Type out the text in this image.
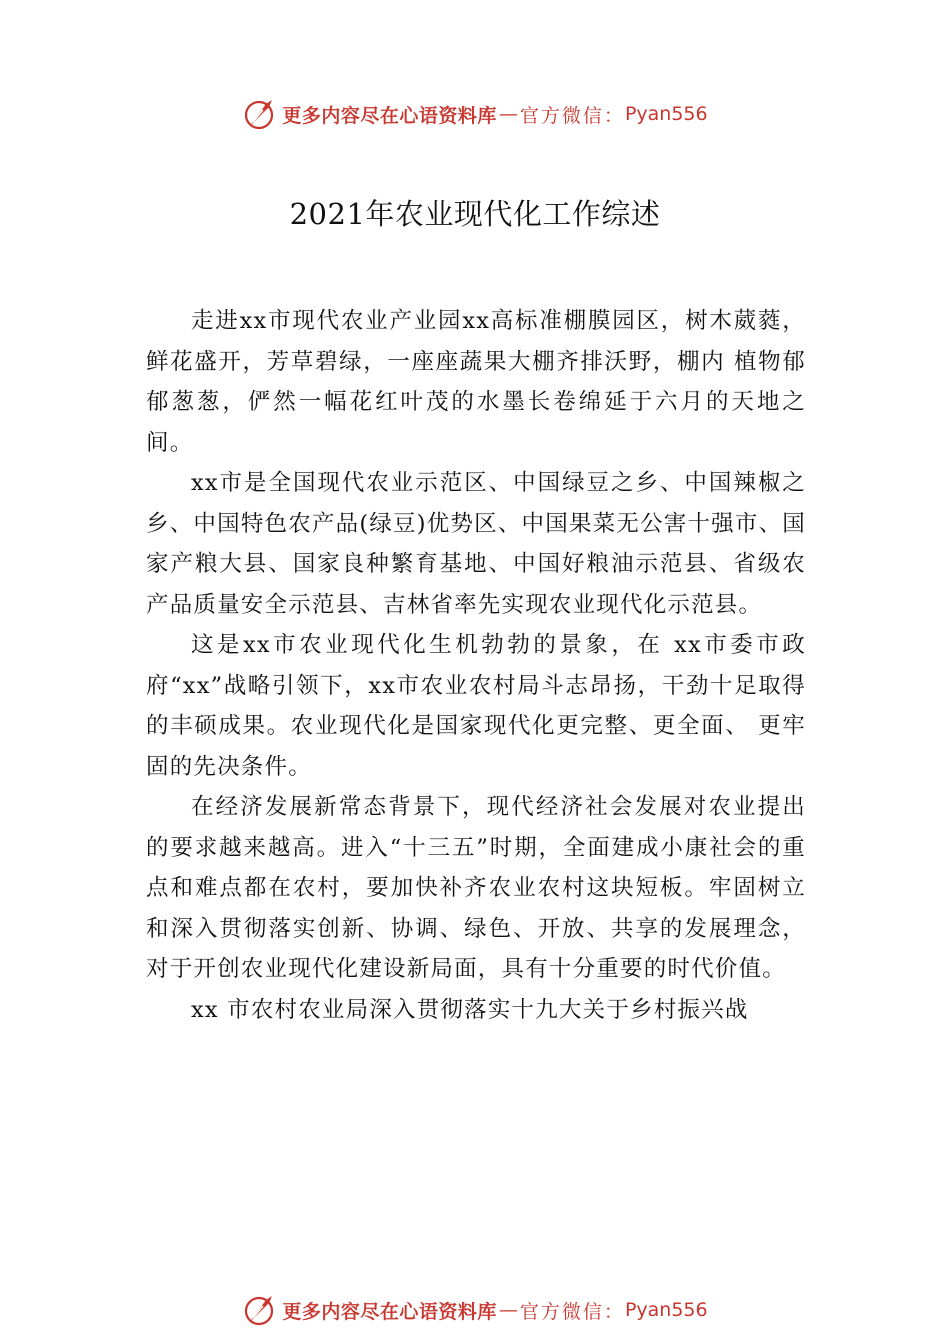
更多内容尽在心语资料库 — 官方微信： Pyan556
2021年农业现代化工作综述

走进xx市现代农业产业园xx高标准棚膜园区，树木葳蕤，鲜花盛开，芳草碧绿，一座座蔬果大棚齐排沃野，棚内 植物郁郁葱葱，俨然一幅花红叶茂的水墨长卷绵延于六月的天地之间。

xx市是全国现代农业示范区、中国绿豆之乡、中国辣椒之乡、中国特色农产品(绿豆)优势区、中国果菜无公害十强市、国家产粮大县、国家良种繁育基地、中国好粮油示范县、省级农产品质量安全示范县、吉林省率先实现农业现代化示范县。

这是xx市农业现代化生机勃勃的景象，在 xx市委市政府“xx”战略引领下，xx市农业农村局斗志昂扬，干劲十足取得的丰硕成果。农业现代化是国家现代化更完整、更全面、 更牢固的先决条件。

在经济发展新常态背景下，现代经济社会发展对农业提出的要求越来越高。进入“十三五”时期，全面建成小康社会的重点和难点都在农村，要加快补齐农业农村这块短板。牢固树立和深入贯彻落实创新、协调、绿色、开放、共享的发展理念，对于开创农业现代化建设新局面，具有十分重要的时代价值。

xx 市农村农业局深入贯彻落实十九大关于乡村振兴战

更多内容尽在心语资料库 — 官方微信： Pyan556
